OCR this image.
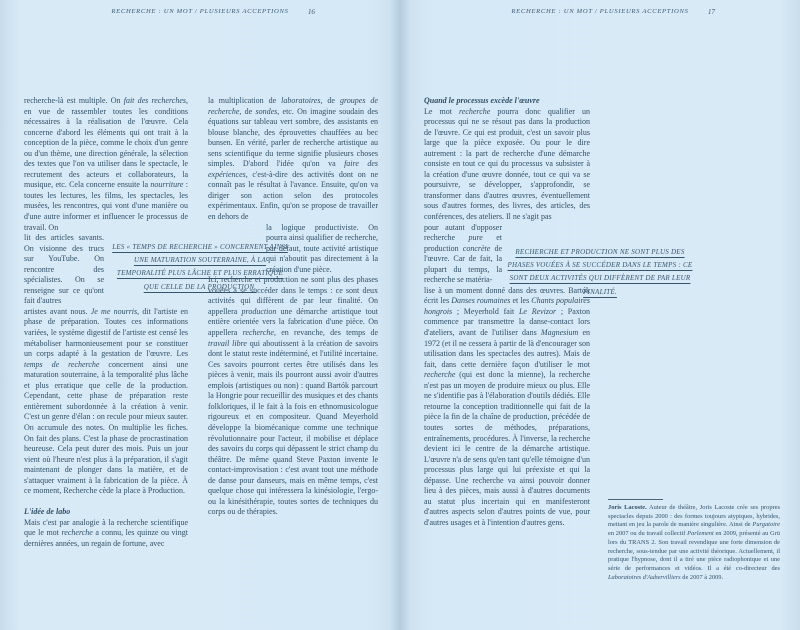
RECHERCHE : UN MOT / PLUSIEURS ACCEPTIONS	16	RECHERCHE : UN MOT / PLUSIEURS ACCEPTIONS	17
recherche-là est multiple. On fait des recherches, en vue de rassembler toutes les conditions nécessaires à la réalisation de l'œuvre. Cela concerne d'abord les éléments qui ont trait à la conception de la pièce, comme le choix d'un genre ou d'un thème, une direction générale, la sélection des textes que l'on va utiliser dans le spectacle, le recrutement des acteurs et collaborateurs, la musique, etc. Cela concerne ensuite la nourriture : toutes les lectures, les films, les spectacles, les musées, les rencontres, qui vont d'une manière ou d'une autre informer et influencer le processus de travail. On
lit des articles savants. On visionne des trucs sur YouTube. On rencontre des spécialistes. On se renseigne sur ce qu'ont fait d'autres
artistes avant nous. Je me nourris, dit l'artiste en phase de préparation. Toutes ces informations variées, le système digestif de l'artiste est censé les métaboliser harmonieusement pour se constituer un corps adapté à la gestation de l'œuvre. Les temps de recherche concernent ainsi une maturation souterraine, à la temporalité plus lâche et plus erratique que celle de la production. Cependant, cette phase de préparation reste entièrement subordonnée à la création à venir. C'est un genre d'élan : on recule pour mieux sauter. On accumule des notes. On multiplie les fiches. On fait des plans. C'est la phase de procrastination heureuse. Cela peut durer des mois. Puis un jour vient où l'heure n'est plus à la préparation, il s'agit maintenant de plonger dans la matière, et de s'attaquer vraiment à la fabrication de la pièce. À ce moment, Recherche cède la place à Production.
L'idée de labo
Mais c'est par analogie à la recherche scientifique que le mot recherche a connu, les quinze ou vingt dernières années, un regain de fortune, avec
la multiplication de laboratoires, de groupes de recherche, de sondes, etc. On imagine soudain des équations sur tableau vert sombre, des assistants en blouse blanche, des éprouvettes chauffées au bec bunsen. En vérité, parler de recherche artistique au sens scientifique du terme signifie plusieurs choses simples. D'abord l'idée qu'on va faire des expériences, c'est-à-dire des activités dont on ne connaît pas le résultat à l'avance. Ensuite, qu'on va diriger son action selon des protocoles expérimentaux. Enfin, qu'on se propose de travailler en dehors de
la logique productiviste. On pourra ainsi qualifier de recherche, par défaut, toute activité artistique qui n'aboutit pas directement à la création d'une pièce.
Ici, recherche et production ne sont plus des phases vouées à se succéder dans le temps : ce sont deux activités qui diffèrent de par leur finalité. On appellera production une démarche artistique tout entière orientée vers la fabrication d'une pièce. On appellera recherche, en revanche, des temps de travail libre qui aboutissent à la création de savoirs dont le statut reste indéterminé, et l'utilité incertaine. Ces savoirs pourront certes être utilisés dans les pièces à venir, mais ils pourront aussi avoir d'autres emplois (artistiques ou non) : quand Bartók parcourt la Hongrie pour recueillir des musiques et des chants folkloriques, il le fait à la fois en ethnomusicologue rigoureux et en compositeur. Quand Meyerhold développe la biomécanique comme une technique révolutionnaire pour l'acteur, il mobilise et déplace des savoirs du corps qui dépassent le strict champ du théâtre. De même quand Steve Paxton invente le contact-improvisation : c'est avant tout une méthode de danse pour danseurs, mais en même temps, c'est quelque chose qui intéressera la kinésiologie, l'ergo- ou la kinésithérapie, toutes sortes de techniques du corps ou de thérapies.
LES « TEMPS DE RECHERCHE » CONCERNENT AINSI UNE MATURATION SOUTERRAINE, À LA TEMPORALITÉ PLUS LÂCHE ET PLUS ERRATIQUE QUE CELLE DE LA PRODUCTION.
Quand le processus excède l'œuvre
Le mot recherche pourra donc qualifier un processus qui ne se résout pas dans la production de l'œuvre. Ce qui est produit, c'est un savoir plus large que la pièce exposée. Ou pour le dire autrement : la part de recherche d'une démarche consiste en tout ce qui du processus va subsister à la création d'une œuvre donnée, tout ce qui va se poursuivre, se développer, s'approfondir, se transformer dans d'autres œuvres, éventuellement sous d'autres formes, des livres, des articles, des conférences, des ateliers. Il ne s'agit pas
pour autant d'opposer recherche pure et production concrète de l'œuvre. Car de fait, la plupart du temps, la recherche se matéria-
lise à un moment donné dans des œuvres. Bartók écrit les Danses roumaines et les Chants populaires hongrois ; Meyerhold fait Le Revizor ; Paxton commence par transmettre la danse-contact lors d'ateliers, avant de l'utiliser dans Magnesium en 1972 (et il ne cessera à partir de là d'encourager son utilisation dans les spectacles des autres). Mais de fait, dans cette dernière façon d'utiliser le mot recherche (qui est donc la mienne), la recherche n'est pas un moyen de produire mieux ou plus. Elle ne s'identifie pas à l'élaboration d'outils dédiés. Elle retourne la conception traditionnelle qui fait de la pièce la fin de la chaîne de production, précédée de toutes sortes de méthodes, préparations, entraînements, procédures. À l'inverse, la recherche devient ici le centre de la démarche artistique. L'œuvre n'a de sens qu'en tant qu'elle témoigne d'un processus plus large qui lui préexiste et qui la dépasse. Une recherche va ainsi pouvoir donner lieu à des pièces, mais aussi à d'autres documents au statut plus incertain qui en manifesteront d'autres aspects selon d'autres points de vue, pour d'autres usages et à l'intention d'autres gens.
RECHERCHE ET PRODUCTION NE SONT PLUS DES PHASES VOUÉES À SE SUCCÉDER DANS LE TEMPS : CE SONT DEUX ACTIVITÉS QUI DIFFÈRENT DE PAR LEUR FINALITÉ.
Joris Lacoste. Auteur de théâtre, Joris Lacoste crée ses propres spectacles depuis 2000 : des formes toujours atypiques, hybrides, mettant en jeu la parole de manière singulière. Ainsi de Purgatoire en 2007 ou du travail collectif Parlement en 2009, présenté au Grü lors du TRANS 2. Son travail revendique une forte dimension de recherche, sous-tendue par une activité théorique. Actuellement, il pratique l'hypnose, dont il a tiré une pièce radiophonique et une série de performances et vidéos. Il a été co-directeur des Laboratoires d'Aubervilliers de 2007 à 2009.
